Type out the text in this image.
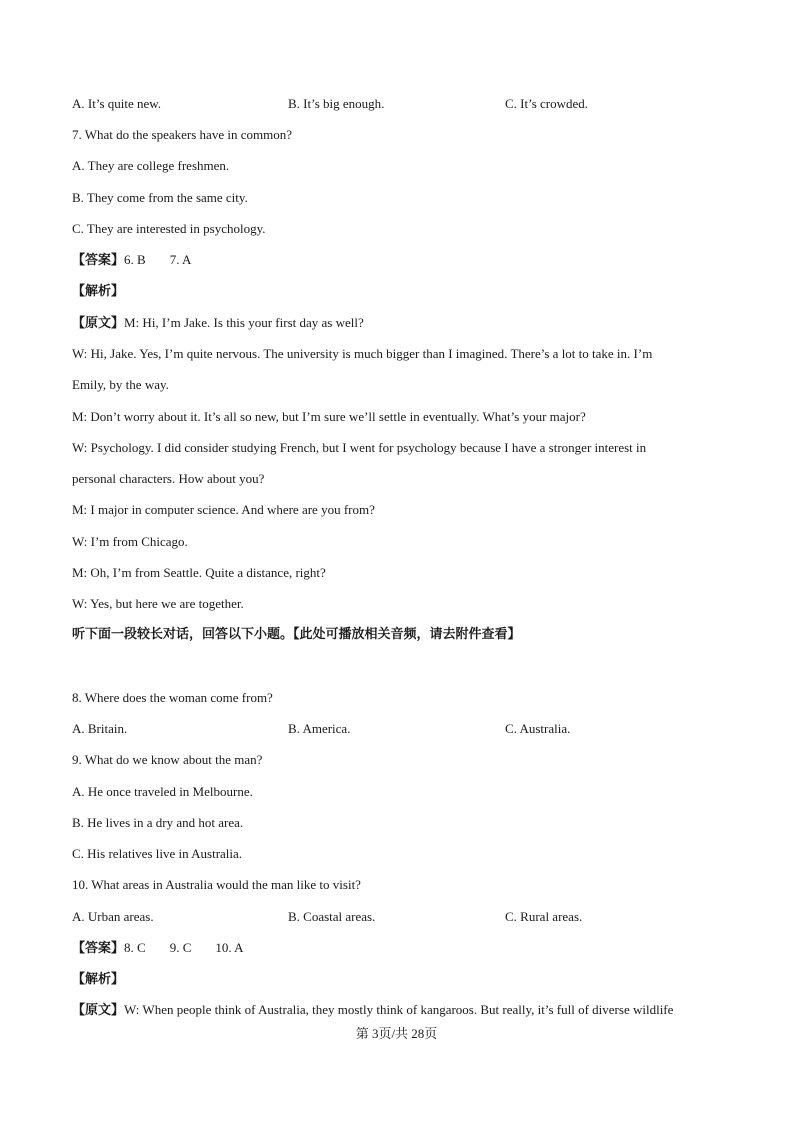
A. It’s quite new.	B. It’s big enough.	C. It’s crowded.
7. What do the speakers have in common?
A. They are college freshmen.
B. They come from the same city.
C. They are interested in psychology.
【答案】6. B 7. A
【解析】
【原文】M: Hi, I’m Jake. Is this your first day as well?
W: Hi, Jake. Yes, I’m quite nervous. The university is much bigger than I imagined. There’s a lot to take in. I’m
Emily, by the way.
M: Don’t worry about it. It’s all so new, but I’m sure we’ll settle in eventually. What’s your major?
W: Psychology. I did consider studying French, but I went for psychology because I have a stronger interest in
personal characters. How about you?
M: I major in computer science. And where are you from?
W: I’m from Chicago.
M: Oh, I’m from Seattle. Quite a distance, right?
W: Yes, but here we are together.
听下面一段较长对话，回答以下小题。【此处可播放相关音频，请去附件查看】
8. Where does the woman come from?
A. Britain.	B. America.	C. Australia.
9. What do we know about the man?
A. He once traveled in Melbourne.
B. He lives in a dry and hot area.
C. His relatives live in Australia.
10. What areas in Australia would the man like to visit?
A. Urban areas.	B. Coastal areas.	C. Rural areas.
【答案】8. C 9. C 10. A
【解析】
【原文】W: When people think of Australia, they mostly think of kangaroos. But really, it’s full of diverse wildlife
第 3页/共 28页
